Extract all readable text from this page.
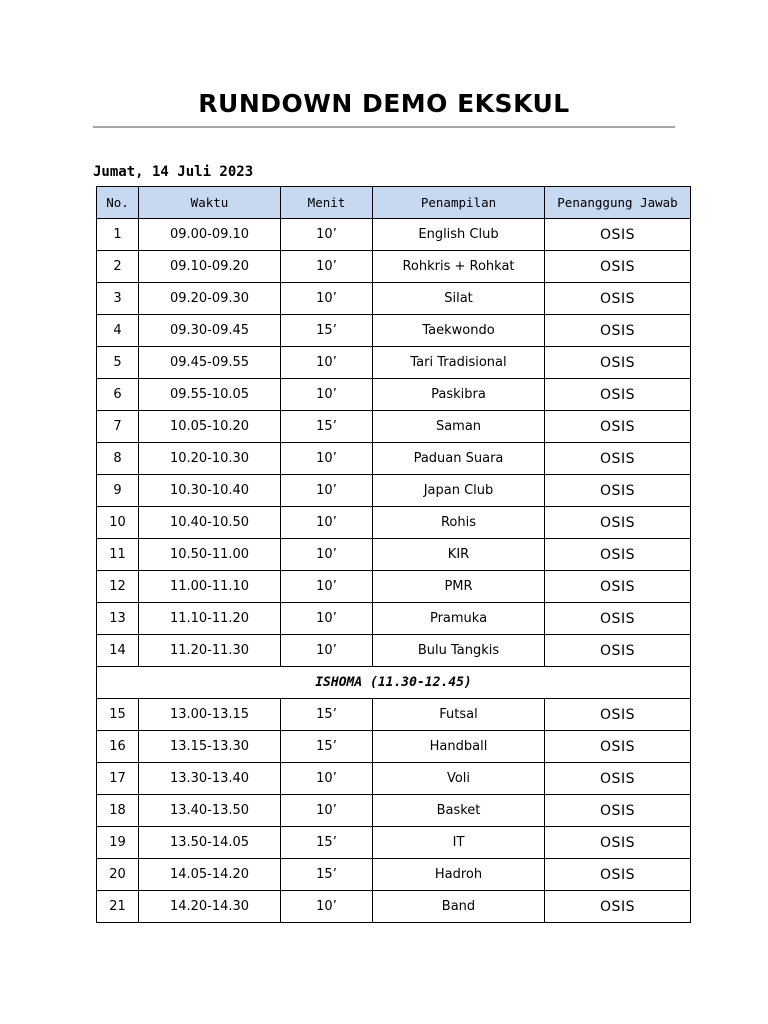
RUNDOWN DEMO EKSKUL
Jumat, 14 Juli 2023
No.	Waktu	Menit	Penampilan	Penanggung Jawab
1	09.00-09.10	10’	English Club	OSIS
2	09.10-09.20	10’	Rohkris + Rohkat	OSIS
3	09.20-09.30	10’	Silat	OSIS
4	09.30-09.45	15’	Taekwondo	OSIS
5	09.45-09.55	10’	Tari Tradisional	OSIS
6	09.55-10.05	10’	Paskibra	OSIS
7	10.05-10.20	15’	Saman	OSIS
8	10.20-10.30	10’	Paduan Suara	OSIS
9	10.30-10.40	10’	Japan Club	OSIS
10	10.40-10.50	10’	Rohis	OSIS
11	10.50-11.00	10’	KIR	OSIS
12	11.00-11.10	10’	PMR	OSIS
13	11.10-11.20	10’	Pramuka	OSIS
14	11.20-11.30	10’	Bulu Tangkis	OSIS
ISHOMA (11.30-12.45)				
15	13.00-13.15	15’	Futsal	OSIS
16	13.15-13.30	15’	Handball	OSIS
17	13.30-13.40	10’	Voli	OSIS
18	13.40-13.50	10’	Basket	OSIS
19	13.50-14.05	15’	IT	OSIS
20	14.05-14.20	15’	Hadroh	OSIS
21	14.20-14.30	10’	Band	OSIS
